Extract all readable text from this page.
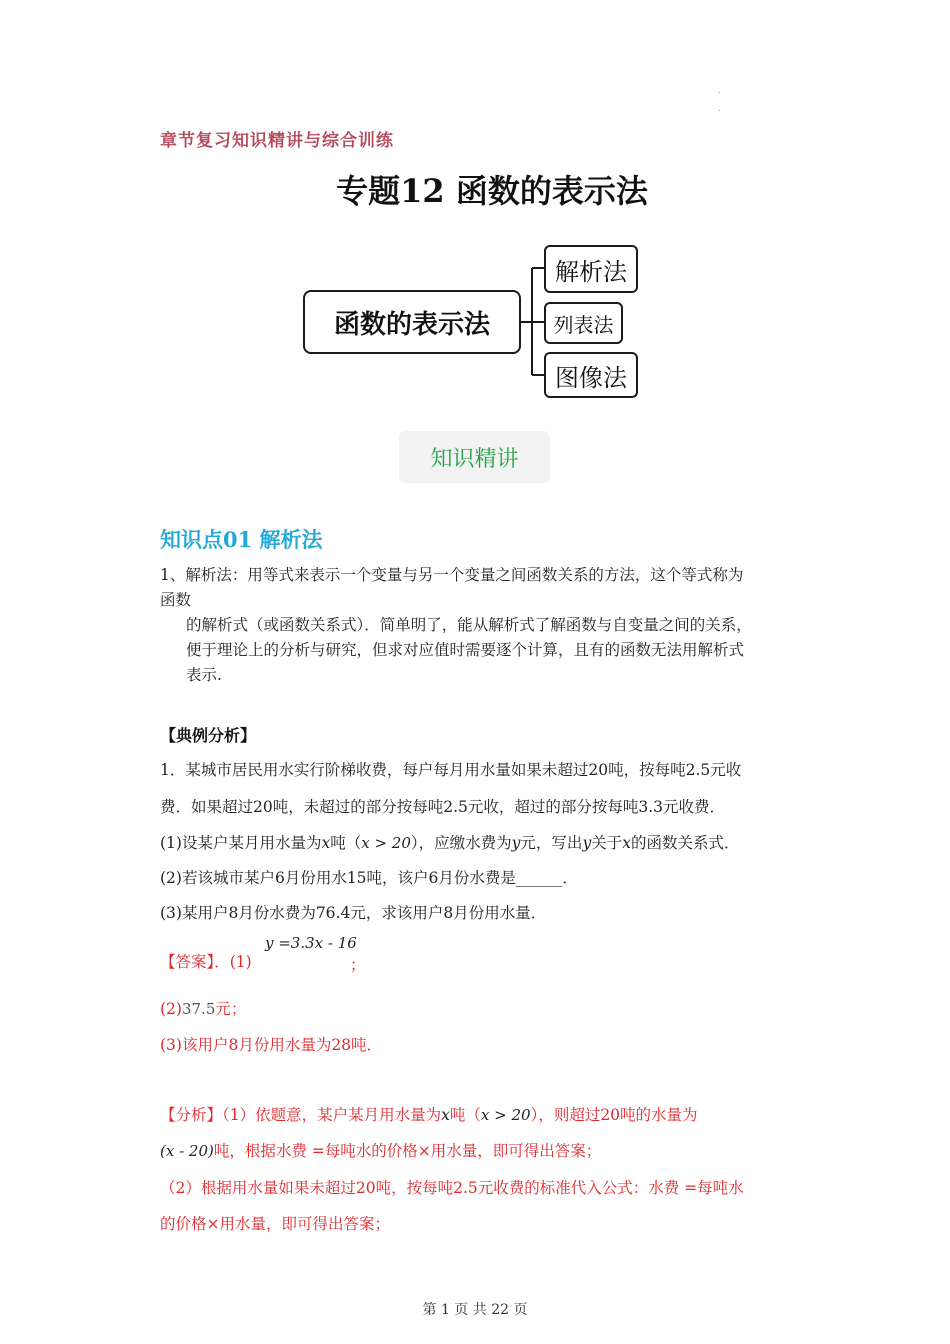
.
.
章节复习知识精讲与综合训练
专题12 函数的表示法
函数的表示法
解析法
列表法
图像法
知识精讲
知识点01 解析法
1、解析法：用等式来表示一个变量与另一个变量之间函数关系的方法，这个等式称为
函数
的解析式（或函数关系式）．简单明了，能从解析式了解函数与自变量之间的关系，
便于理论上的分析与研究，但求对应值时需要逐个计算，且有的函数无法用解析式
表示.
【典例分析】
1．某城市居民用水实行阶梯收费，每户每月用水量如果未超过20吨，按每吨2.5元收
费．如果超过20吨，未超过的部分按每吨2.5元收，超过的部分按每吨3.3元收费．
(1)设某户某月用水量为x吨（x > 20），应缴水费为y元，写出y关于x的函数关系式．
(2)若该城市某户6月份用水15吨，该户6月份水费是______．
(3)某用户8月份水费为76.4元，求该用户8月份用水量．
y =3.3x - 16
【答案】．(1)	；
(2)37.5元；
(3)该用户8月份用水量为28吨．
【分析】（1）依题意，某户某月用水量为x吨（x > 20），则超过20吨的水量为
(x - 20)吨，根据水费 =每吨水的价格×用水量，即可得出答案；
（2）根据用水量如果未超过20吨，按每吨2.5元收费的标准代入公式：水费 =每吨水
的价格×用水量，即可得出答案；
第 1 页 共 22 页
